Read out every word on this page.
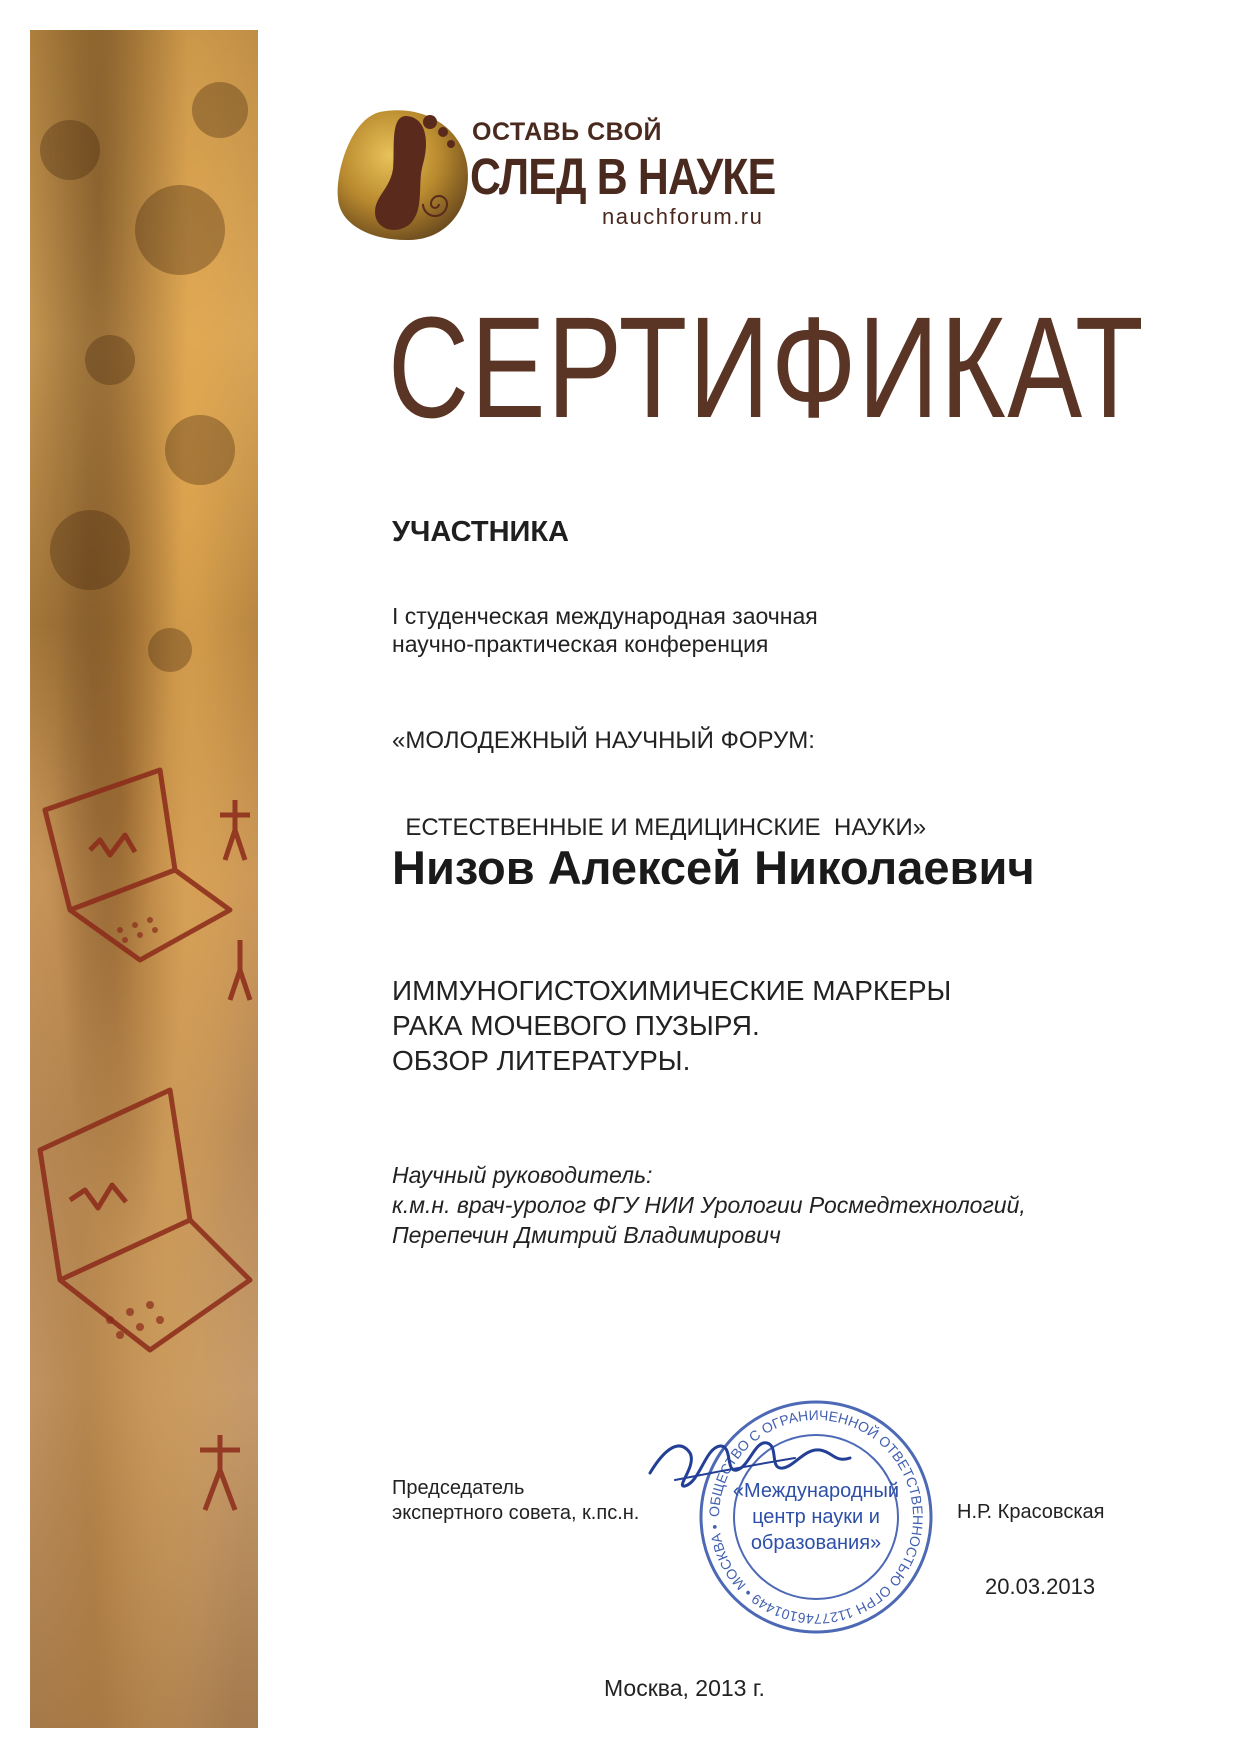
ОСТАВЬ СВОЙ
СЛЕД В НАУКЕ
nauchforum.ru
СЕРТИФИКАТ
УЧАСТНИКА
I студенческая международная заочная
научно-практическая конференция

«МОЛОДЕЖНЫЙ НАУЧНЫЙ ФОРУМ:

ЕСТЕСТВЕННЫЕ И МЕДИЦИНСКИЕ  НАУКИ»

Низов Алексей Николаевич
ИММУНОГИСТОХИМИЧЕСКИЕ МАРКЕРЫ
РАКА МОЧЕВОГО ПУЗЫРЯ.
ОБЗОР ЛИТЕРАТУРЫ.
Научный руководитель:
к.м.н. врач-уролог ФГУ НИИ Урологии Росмедтехнологий,
Перепечин Дмитрий Владимирович
Председатель
экспертного совета, к.пс.н.	ОБЩЕСТВО С ОГРАНИЧЕННОЙ ОТВЕТСТВЕННОСТЬЮ ОГРН 1127746101449 • МОСКВА •
«Международный
центр науки и
образования»
Н.Р. Красовская
20.03.2013
Москва, 2013 г.
